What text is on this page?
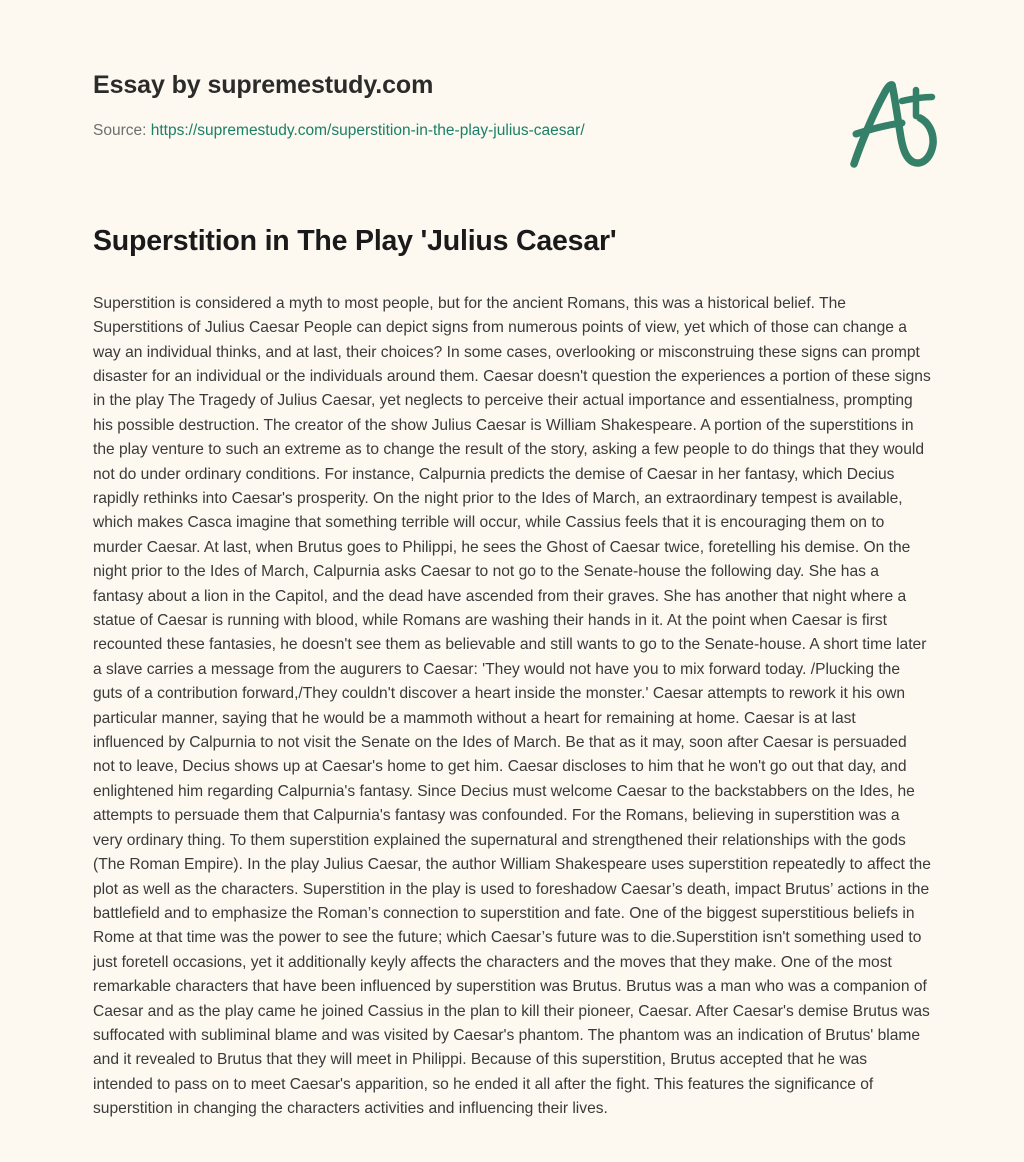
Essay by supremestudy.com
Source: https://supremestudy.com/superstition-in-the-play-julius-caesar/
Superstition in The Play 'Julius Caesar'

Superstition is considered a myth to most people, but for the ancient Romans, this was a historical belief. The Superstitions of Julius Caesar People can depict signs from numerous points of view, yet which of those can change a way an individual thinks, and at last, their choices? In some cases, overlooking or misconstruing these signs can prompt disaster for an individual or the individuals around them. Caesar doesn't question the experiences a portion of these signs in the play The Tragedy of Julius Caesar, yet neglects to perceive their actual importance and essentialness, prompting his possible destruction. The creator of the show Julius Caesar is William Shakespeare. A portion of the superstitions in the play venture to such an extreme as to change the result of the story, asking a few people to do things that they would not do under ordinary conditions. For instance, Calpurnia predicts the demise of Caesar in her fantasy, which Decius rapidly rethinks into Caesar's prosperity. On the night prior to the Ides of March, an extraordinary tempest is available, which makes Casca imagine that something terrible will occur, while Cassius feels that it is encouraging them on to murder Caesar. At last, when Brutus goes to Philippi, he sees the Ghost of Caesar twice, foretelling his demise. On the night prior to the Ides of March, Calpurnia asks Caesar to not go to the Senate-house the following day. She has a fantasy about a lion in the Capitol, and the dead have ascended from their graves. She has another that night where a statue of Caesar is running with blood, while Romans are washing their hands in it. At the point when Caesar is first recounted these fantasies, he doesn't see them as believable and still wants to go to the Senate-house. A short time later a slave carries a message from the augurers to Caesar: 'They would not have you to mix forward today. /Plucking the guts of a contribution forward,/They couldn't discover a heart inside the monster.' Caesar attempts to rework it his own particular manner, saying that he would be a mammoth without a heart for remaining at home. Caesar is at last influenced by Calpurnia to not visit the Senate on the Ides of March. Be that as it may, soon after Caesar is persuaded not to leave, Decius shows up at Caesar's home to get him. Caesar discloses to him that he won't go out that day, and enlightened him regarding Calpurnia's fantasy. Since Decius must welcome Caesar to the backstabbers on the Ides, he attempts to persuade them that Calpurnia's fantasy was confounded. For the Romans, believing in superstition was a very ordinary thing. To them superstition explained the supernatural and strengthened their relationships with the gods (The Roman Empire). In the play Julius Caesar, the author William Shakespeare uses superstition repeatedly to affect the plot as well as the characters. Superstition in the play is used to foreshadow Caesar’s death, impact Brutus’ actions in the battlefield and to emphasize the Roman’s connection to superstition and fate. One of the biggest superstitious beliefs in Rome at that time was the power to see the future; which Caesar’s future was to die.Superstition isn't something used to just foretell occasions, yet it additionally keyly affects the characters and the moves that they make. One of the most remarkable characters that have been influenced by superstition was Brutus. Brutus was a man who was a companion of Caesar and as the play came he joined Cassius in the plan to kill their pioneer, Caesar. After Caesar's demise Brutus was suffocated with subliminal blame and was visited by Caesar's phantom. The phantom was an indication of Brutus' blame and it revealed to Brutus that they will meet in Philippi. Because of this superstition, Brutus accepted that he was intended to pass on to meet Caesar's apparition, so he ended it all after the fight. This features the significance of superstition in changing the characters activities and influencing their lives.
